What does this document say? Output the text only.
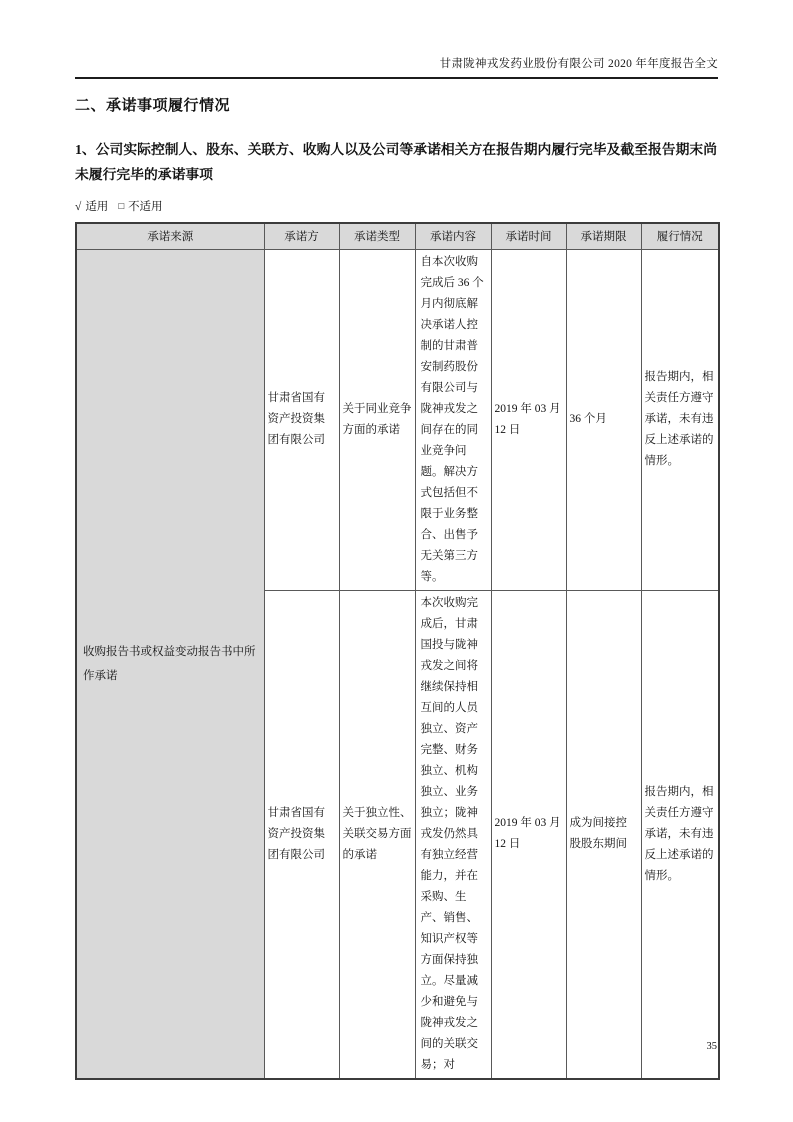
甘肃陇神戎发药业股份有限公司 2020 年年度报告全文
二、承诺事项履行情况
1、公司实际控制人、股东、关联方、收购人以及公司等承诺相关方在报告期内履行完毕及截至报告期末尚未履行完毕的承诺事项
√ 适用 □ 不适用
承诺来源	承诺方	承诺类型	承诺内容	承诺时间	承诺期限	履行情况
收购报告书或权益变动报告书中所作承诺	甘肃省国有资产投资集团有限公司	关于同业竞争方面的承诺	自本次收购完成后 36 个月内彻底解决承诺人控制的甘肃普安制药股份有限公司与陇神戎发之间存在的同业竞争问题。解决方式包括但不限于业务整合、出售予无关第三方等。	2019 年 03 月 12 日	36 个月	报告期内，相关责任方遵守承诺，未有违反上述承诺的情形。
	甘肃省国有资产投资集团有限公司	关于独立性、关联交易方面的承诺	本次收购完成后，甘肃国投与陇神戎发之间将继续保持相互间的人员独立、资产完整、财务独立、机构独立、业务独立；陇神戎发仍然具有独立经营能力，并在采购、生产、销售、知识产权等方面保持独立。尽量减少和避免与陇神戎发之间的关联交易；对	2019 年 03 月 12 日	成为间接控股股东期间	报告期内，相关责任方遵守承诺，未有违反上述承诺的情形。
35
